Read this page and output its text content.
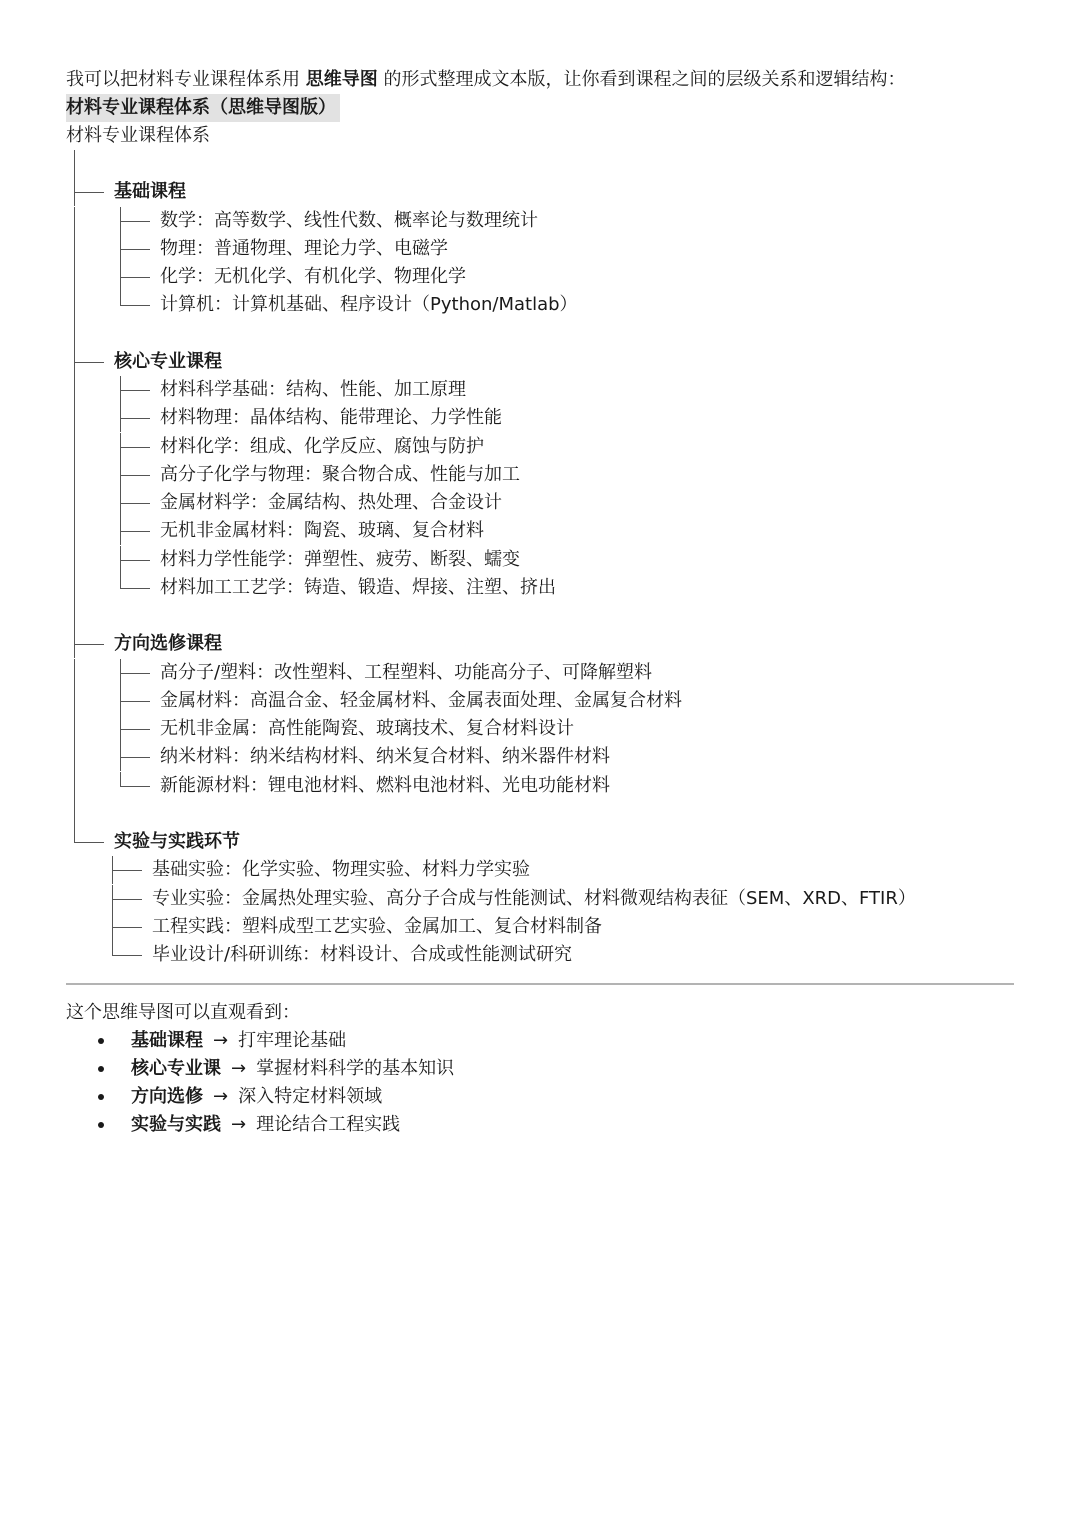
我可以把材料专业课程体系用 思维导图 的形式整理成文本版，让你看到课程之间的层级关系和逻辑结构：
材料专业课程体系（思维导图版）
材料专业课程体系
基础课程
数学：高等数学、线性代数、概率论与数理统计
物理：普通物理、理论力学、电磁学
化学：无机化学、有机化学、物理化学
计算机：计算机基础、程序设计（Python/Matlab）
核心专业课程
材料科学基础：结构、性能、加工原理
材料物理：晶体结构、能带理论、力学性能
材料化学：组成、化学反应、腐蚀与防护
高分子化学与物理：聚合物合成、性能与加工
金属材料学：金属结构、热处理、合金设计
无机非金属材料：陶瓷、玻璃、复合材料
材料力学性能学：弹塑性、疲劳、断裂、蠕变
材料加工工艺学：铸造、锻造、焊接、注塑、挤出
方向选修课程
高分子/塑料：改性塑料、工程塑料、功能高分子、可降解塑料
金属材料：高温合金、轻金属材料、金属表面处理、金属复合材料
无机非金属：高性能陶瓷、玻璃技术、复合材料设计
纳米材料：纳米结构材料、纳米复合材料、纳米器件材料
新能源材料：锂电池材料、燃料电池材料、光电功能材料
实验与实践环节
基础实验：化学实验、物理实验、材料力学实验
专业实验：金属热处理实验、高分子合成与性能测试、材料微观结构表征（SEM、XRD、FTIR）
工程实践：塑料成型工艺实验、金属加工、复合材料制备
毕业设计/科研训练：材料设计、合成或性能测试研究
这个思维导图可以直观看到：
基础课程 → 打牢理论基础
核心专业课 → 掌握材料科学的基本知识
方向选修 → 深入特定材料领域
实验与实践 → 理论结合工程实践
